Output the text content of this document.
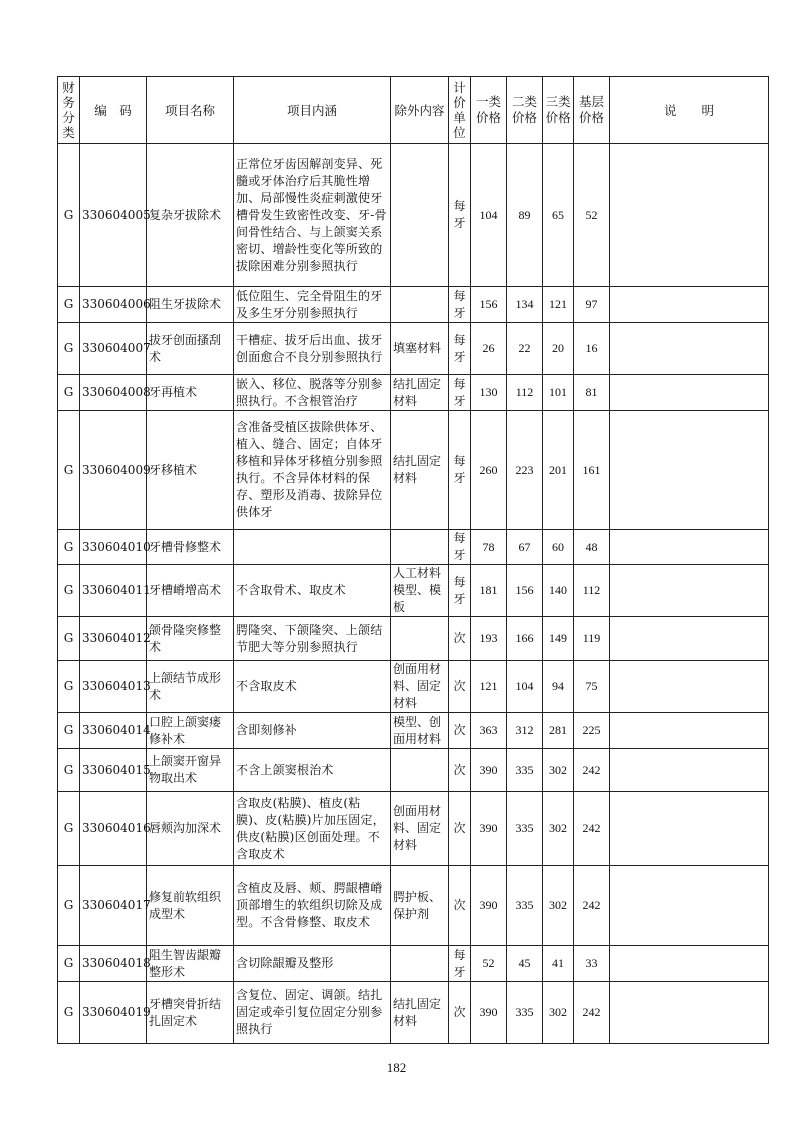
财务分类	编　码	项目名称	项目内涵	除外内容	计价单位	一类价格	二类价格	三类价格	基层价格	说　　明
G	330604005	复杂牙拔除术	正常位牙齿因解剖变异、死髓或牙体治疗后其脆性增加、局部慢性炎症刺激使牙槽骨发生致密性改变、牙-骨间骨性结合、与上颌窦关系密切、增龄性变化等所致的拔除困难分别参照执行		每牙	104	89	65	52	
G	330604006	阻生牙拔除术	低位阻生、完全骨阻生的牙及多生牙分别参照执行		每牙	156	134	121	97	
G	330604007	拔牙创面搔刮术	干槽症、拔牙后出血、拔牙创面愈合不良分别参照执行	填塞材料	每牙	26	22	20	16	
G	330604008	牙再植术	嵌入、移位、脱落等分别参照执行。不含根管治疗	结扎固定材料	每牙	130	112	101	81	
G	330604009	牙移植术	含准备受植区拔除供体牙、植入、缝合、固定；自体牙移植和异体牙移植分别参照执行。不含异体材料的保存、塑形及消毒、拔除异位供体牙	结扎固定材料	每牙	260	223	201	161	
G	330604010	牙槽骨修整术			每牙	78	67	60	48	
G	330604011	牙槽嵴增高术	不含取骨术、取皮术	人工材料模型、模板	每牙	181	156	140	112	
G	330604012	颌骨隆突修整术	腭隆突、下颌隆突、上颌结节肥大等分别参照执行		次	193	166	149	119	
G	330604013	上颌结节成形术	不含取皮术	创面用材料、固定材料	次	121	104	94	75	
G	330604014	口腔上颌窦瘘修补术	含即刻修补	模型、创面用材料	次	363	312	281	225	
G	330604015	上颌窦开窗异物取出术	不含上颌窦根治术		次	390	335	302	242	
G	330604016	唇颊沟加深术	含取皮(粘膜)、植皮(粘膜)、皮(粘膜)片加压固定，供皮(粘膜)区创面处理。不含取皮术	创面用材料、固定材料	次	390	335	302	242	
G	330604017	修复前软组织成型术	含植皮及唇、颊、腭龈槽嵴顶部增生的软组织切除及成型。不含骨修整、取皮术	腭护板、保护剂	次	390	335	302	242	
G	330604018	阻生智齿龈瓣整形术	含切除龈瓣及整形		每牙	52	45	41	33	
G	330604019	牙槽突骨折结扎固定术	含复位、固定、调颌。结扎固定或牵引复位固定分别参照执行	结扎固定材料	次	390	335	302	242	
182
